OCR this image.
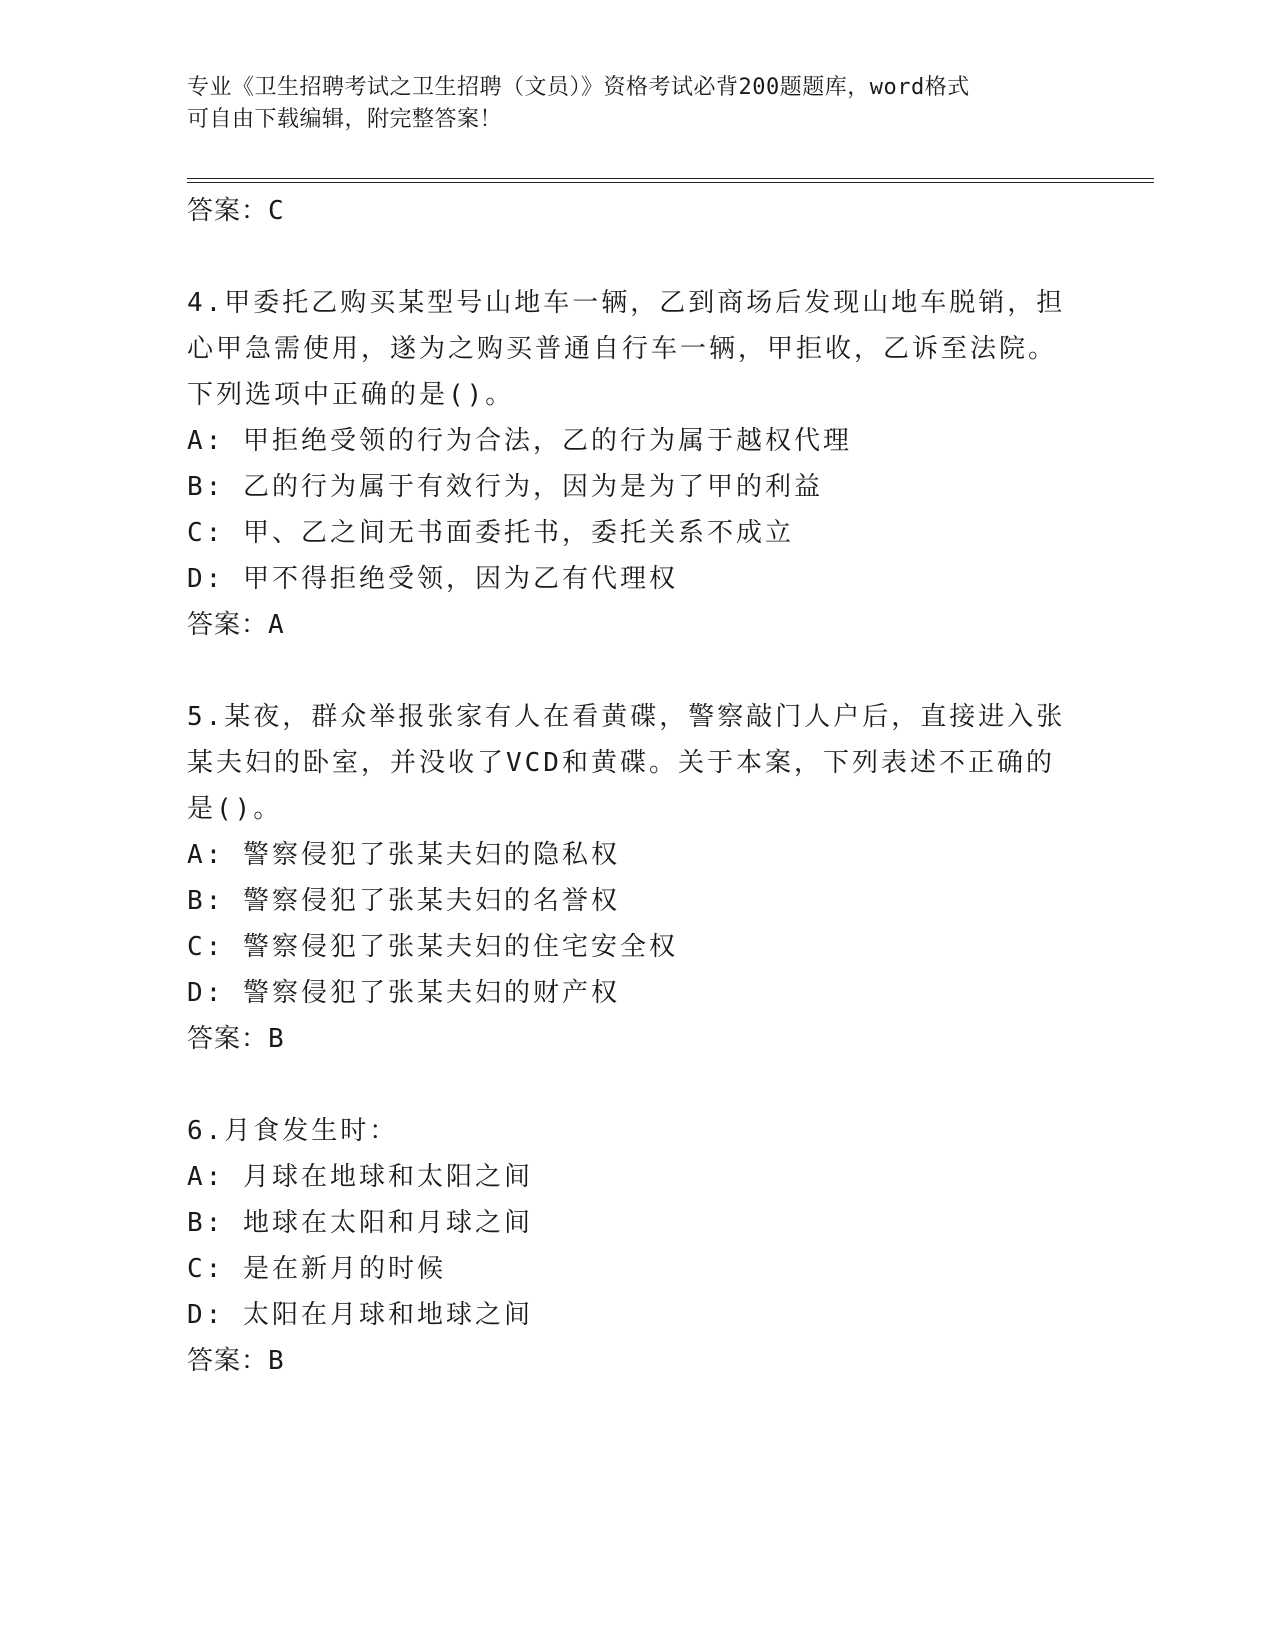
专业《卫生招聘考试之卫生招聘（文员）》资格考试必背200题题库，word格式
可自由下载编辑，附完整答案！
答案：C
4.甲委托乙购买某型号山地车一辆，乙到商场后发现山地车脱销，担
心甲急需使用，遂为之购买普通自行车一辆，甲拒收，乙诉至法院。
下列选项中正确的是()。
A: 甲拒绝受领的行为合法，乙的行为属于越权代理
B: 乙的行为属于有效行为，因为是为了甲的利益
C: 甲、乙之间无书面委托书，委托关系不成立
D: 甲不得拒绝受领，因为乙有代理权
答案：A
5.某夜，群众举报张家有人在看黄碟，警察敲门人户后，直接进入张
某夫妇的卧室，并没收了VCD和黄碟。关于本案，下列表述不正确的
是()。
A: 警察侵犯了张某夫妇的隐私权
B: 警察侵犯了张某夫妇的名誉权
C: 警察侵犯了张某夫妇的住宅安全权
D: 警察侵犯了张某夫妇的财产权
答案：B
6.月食发生时：
A: 月球在地球和太阳之间
B: 地球在太阳和月球之间
C: 是在新月的时候
D: 太阳在月球和地球之间
答案：B
